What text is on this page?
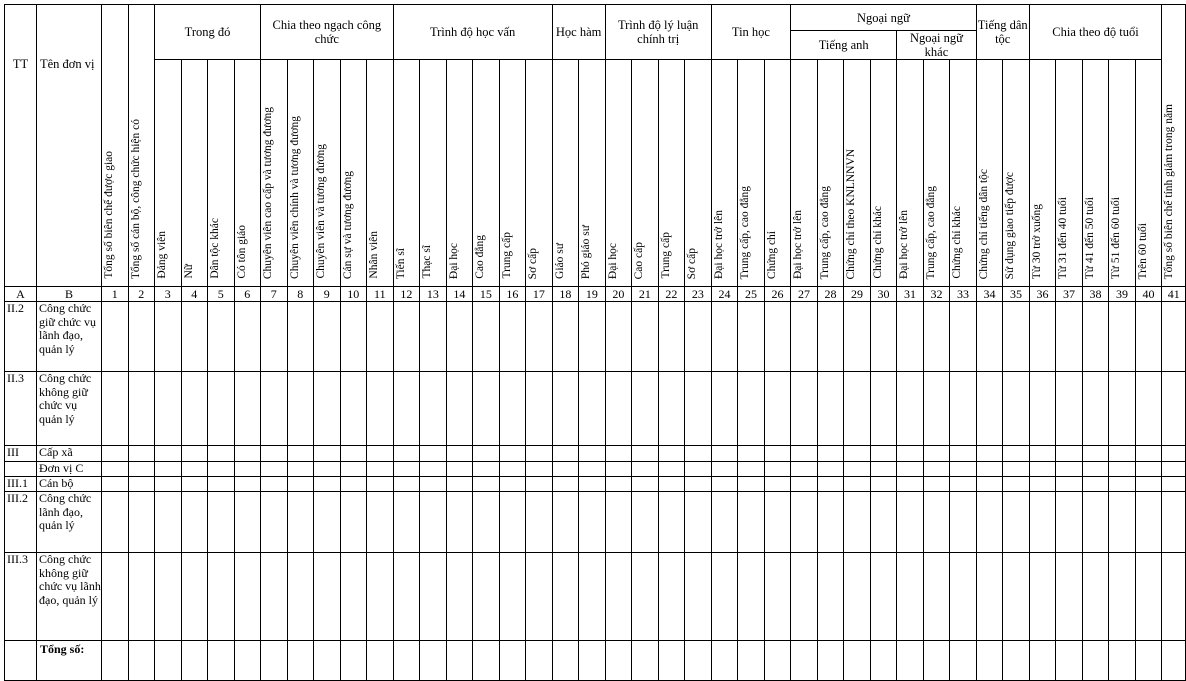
TT	Tên đơn vị	Tổng số biên chế được giao	Tổng số cán bộ, công chức hiện có	Trong đó				Chia theo ngạch công chức					Trình độ học vấn						Học hàm		Trình độ lý luận chính trị				Tin học			Ngoại ngữ							Tiếng dân tộc		Chia theo độ tuổi					Tổng số biên chế tính giảm trong năm
																												Tiếng anh				Ngoại ngữ khác										
				Đảng viên	Nữ	Dân tộc khác	Có tôn giáo	Chuyên viên cao cấp và tương đương	Chuyên viên chính và tương đương	Chuyên viên và tương đương	Cán sự và tương đương	Nhân viên	Tiến sĩ	Thạc sĩ	Đại học	Cao đẳng	Trung cấp	Sơ cấp	Giáo sư	Phó giáo sư	Đại học	Cao cấp	Trung cấp	Sơ cấp	Đại học trở lên	Trung cấp, cao đẳng	Chứng chỉ	Đại học trở lên	Trung cấp, cao đẳng	Chứng chỉ theo KNLNNVN	Chứng chỉ khác	Đại học trở lên	Trung cấp, cao đẳng	Chứng chỉ khác	Chứng chỉ tiếng dân tộc	Sử dụng giao tiếp được	Từ 30 trở xuống	Từ 31 đến 40 tuổi	Từ 41 đến 50 tuổi	Từ 51 đến 60 tuổi	Trên 60 tuổi	
A	B	1	2	3	4	5	6	7	8	9	10	11	12	13	14	15	16	17	18	19	20	21	22	23	24	25	26	27	28	29	30	31	32	33	34	35	36	37	38	39	40	41
II.2	Công chức giữ chức vụ lãnh đạo, quản lý																																									
II.3	Công chức không giữ chức vụ quản lý																																									
III	Cấp xã																																									
	Đơn vị C																																									
III.1	Cán bộ																																									
III.2	Công chức lãnh đạo, quản lý																																									
III.3	Công chức không giữ chức vụ lãnh đạo, quản lý																																									
	Tổng số:																																									
